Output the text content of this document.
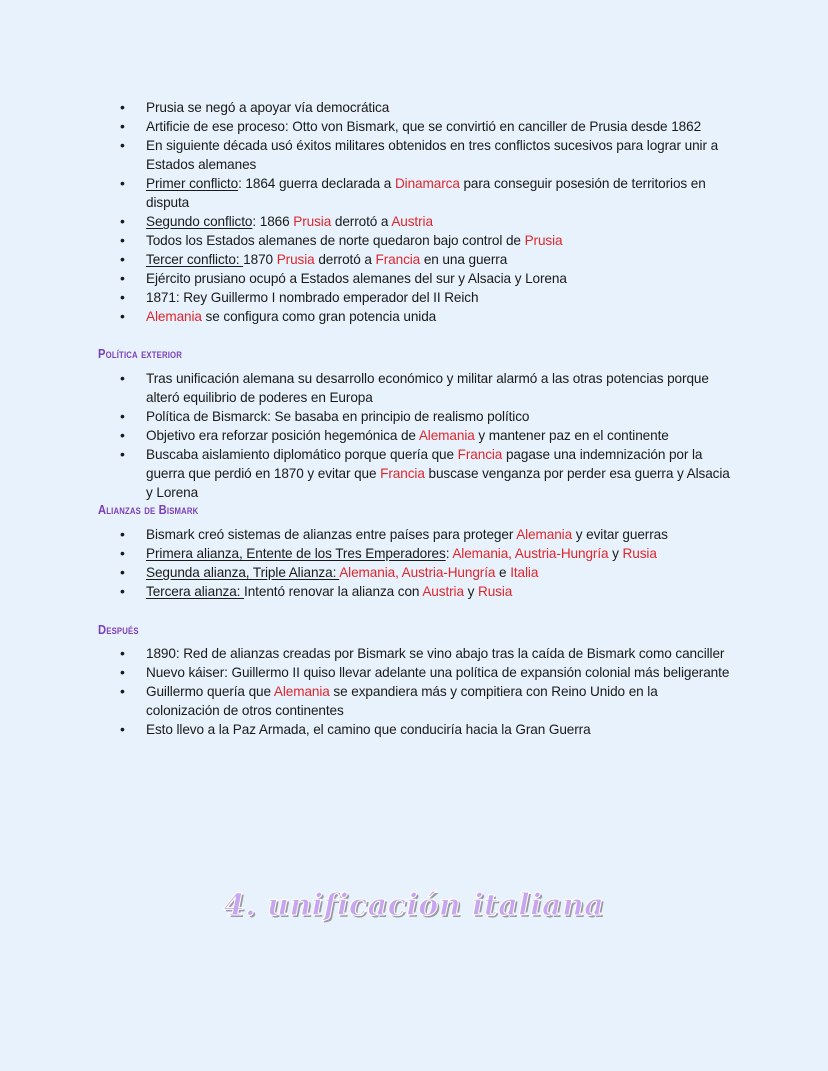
• Prusia se negó a apoyar vía democrática
• Artificie de ese proceso: Otto von Bismark, que se convirtió en canciller de Prusia desde 1862
• En siguiente década usó éxitos militares obtenidos en tres conflictos sucesivos para lograr unir a Estados alemanes
• Primer conflicto: 1864 guerra declarada a Dinamarca para conseguir posesión de territorios en disputa
• Segundo conflicto: 1866 Prusia derrotó a Austria
• Todos los Estados alemanes de norte quedaron bajo control de Prusia
• Tercer conflicto: 1870 Prusia derrotó a Francia en una guerra
• Ejército prusiano ocupó a Estados alemanes del sur y Alsacia y Lorena
• 1871: Rey Guillermo I nombrado emperador del II Reich
• Alemania se configura como gran potencia unida
Política exterior
• Tras unificación alemana su desarrollo económico y militar alarmó a las otras potencias porque alteró equilibrio de poderes en Europa
• Política de Bismarck: Se basaba en principio de realismo político
• Objetivo era reforzar posición hegemónica de Alemania y mantener paz en el continente
• Buscaba aislamiento diplomático porque quería que Francia pagase una indemnización por la guerra que perdió en 1870 y evitar que Francia buscase venganza por perder esa guerra y Alsacia y Lorena
Alianzas de Bismark
• Bismark creó sistemas de alianzas entre países para proteger Alemania y evitar guerras
• Primera alianza, Entente de los Tres Emperadores: Alemania, Austria-Hungría y Rusia
• Segunda alianza, Triple Alianza: Alemania, Austria-Hungría e Italia
• Tercera alianza: Intentó renovar la alianza con Austria y Rusia
Después
• 1890: Red de alianzas creadas por Bismark se vino abajo tras la caída de Bismark como canciller
• Nuevo káiser: Guillermo II quiso llevar adelante una política de expansión colonial más beligerante
• Guillermo quería que Alemania se expandiera más y compitiera con Reino Unido en la colonización de otros continentes
• Esto llevo a la Paz Armada, el camino que conduciría hacia la Gran Guerra
4. unificación italiana
